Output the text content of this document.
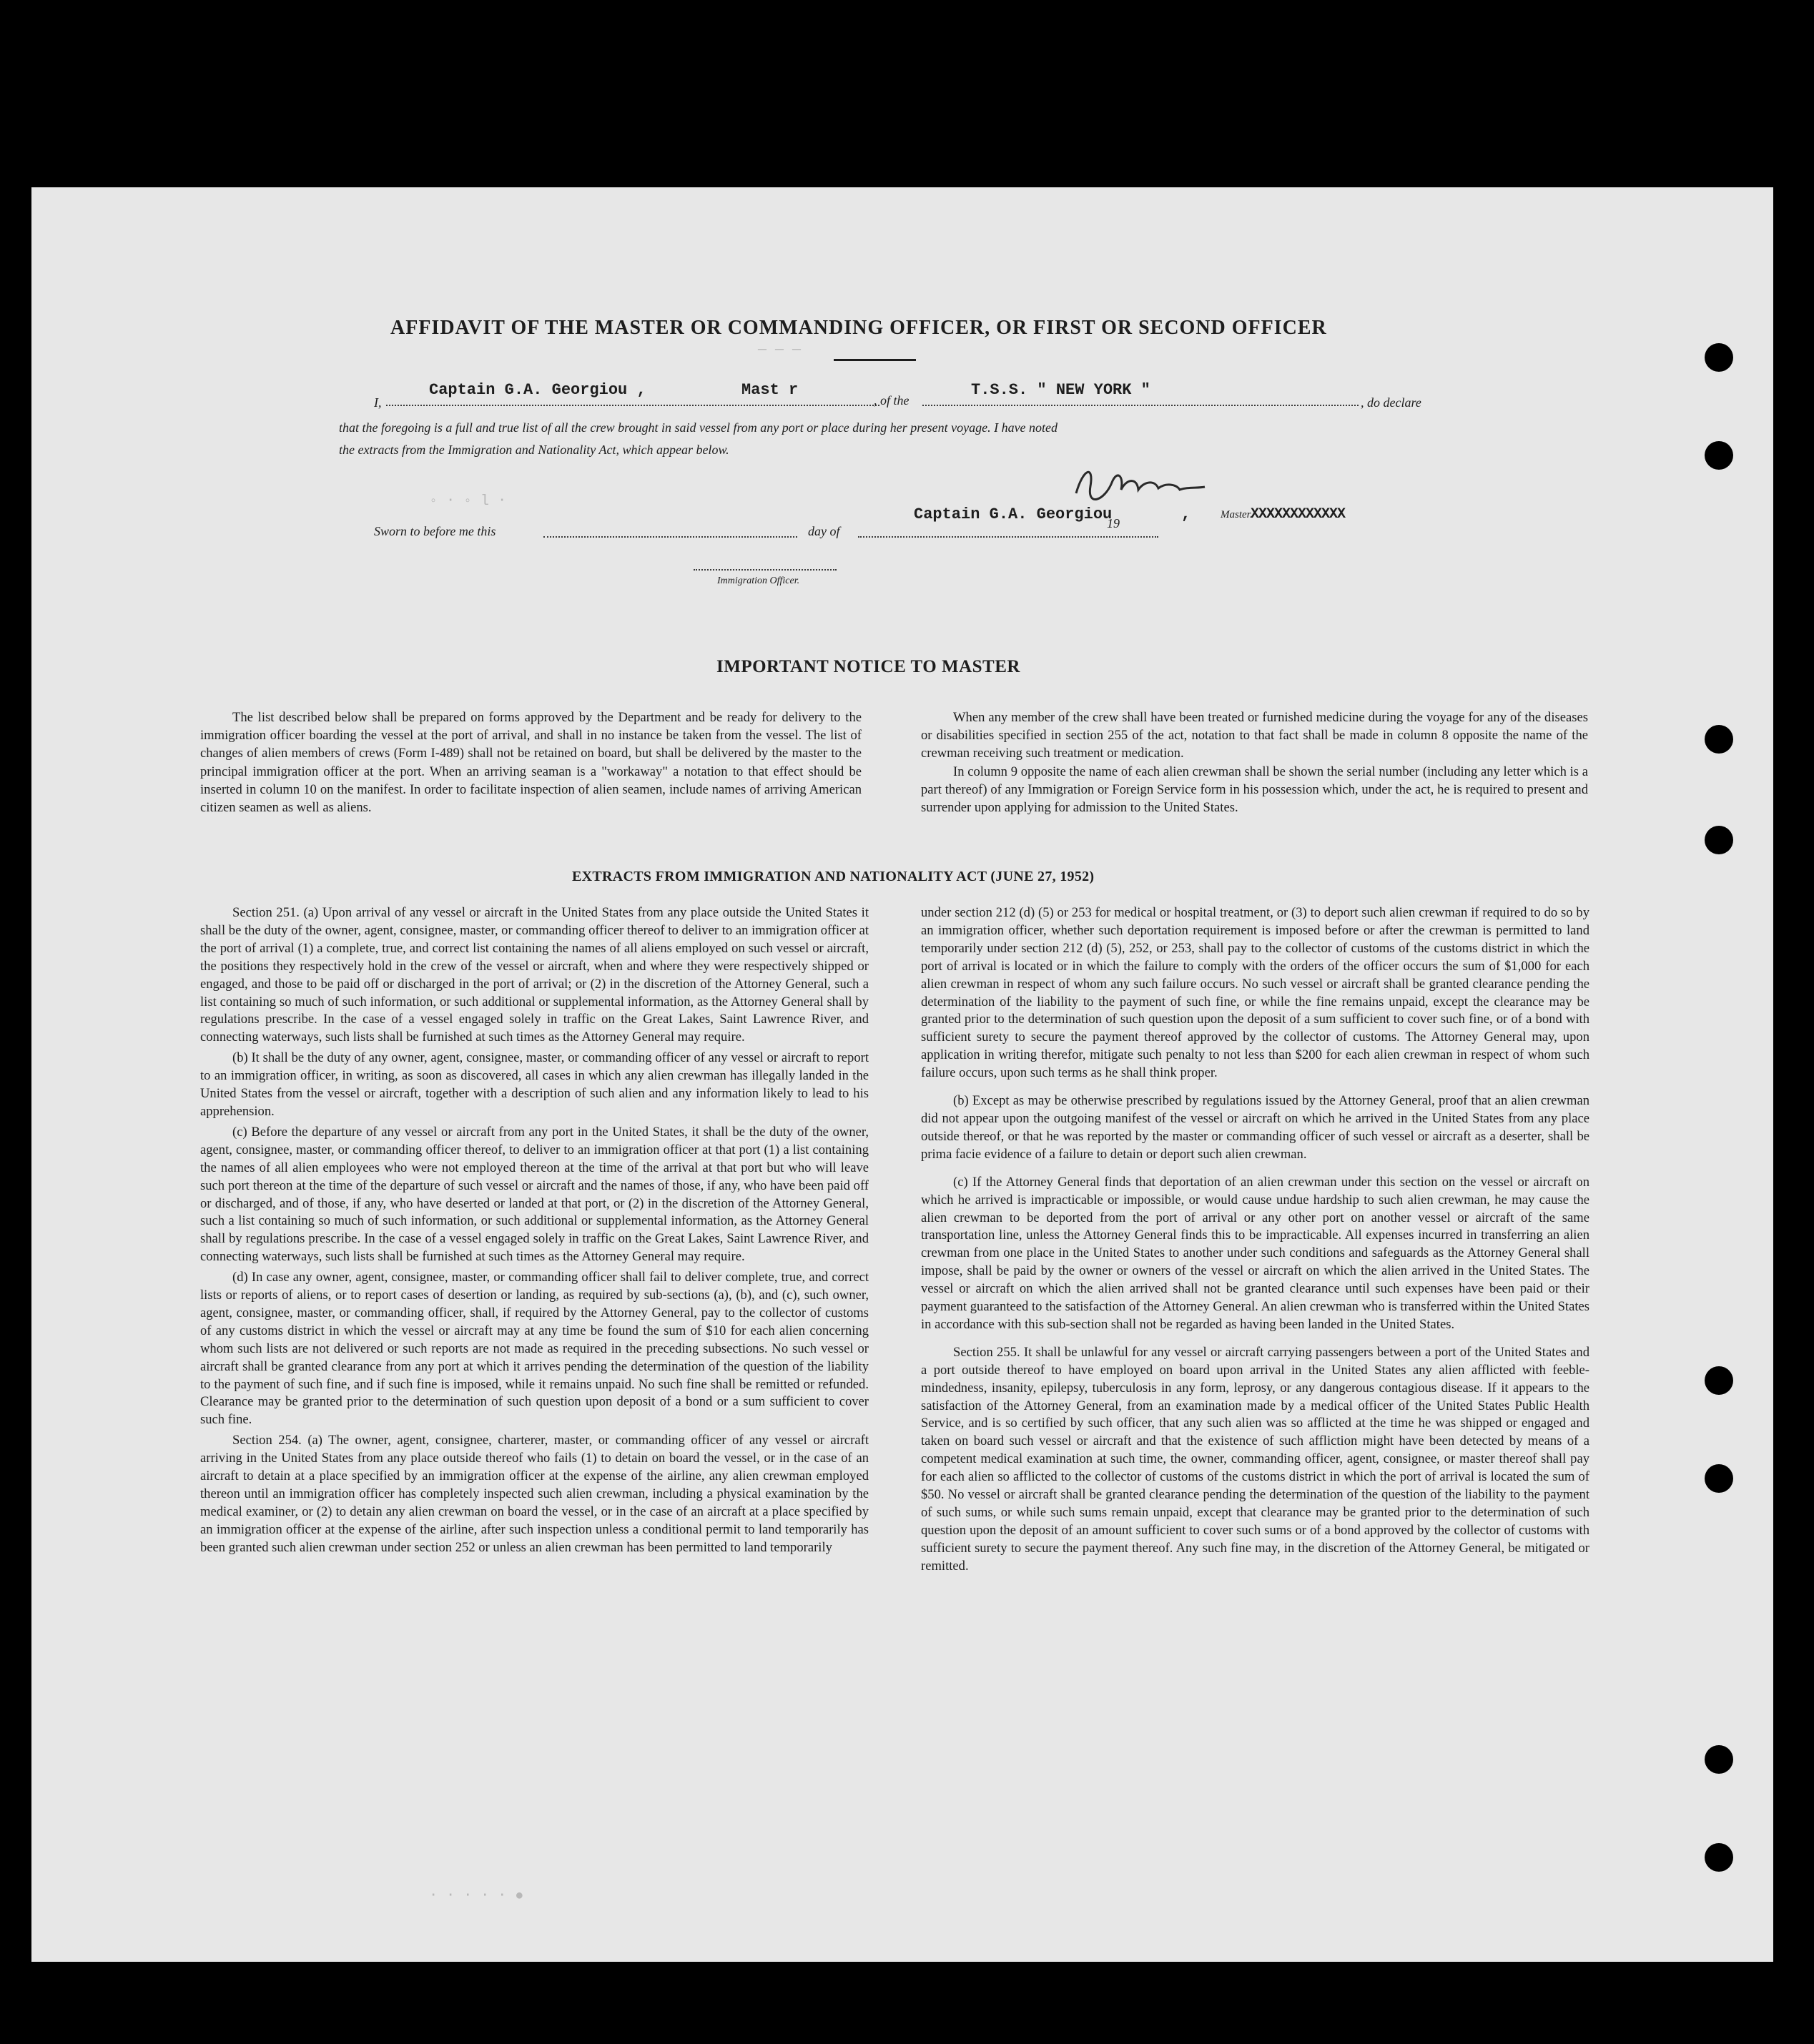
AFFIDAVIT OF THE MASTER OR COMMANDING OFFICER, OR FIRST OR SECOND OFFICER
I,
Captain G.A. Georgiou ,	Mast r
, of the
T.S.S. " NEW YORK "
, do declare
that the foregoing is a full and true list of all the crew brought in said vessel from any port or place during her present voyage. I have noted
the extracts from the Immigration and Nationality Act, which appear below.
◦ ⋅ ◦ l ⋅
— — —
Sworn to before me this	day of
19
Captain G.A. Georgiou	,	Master.
XXXXXXXXXXXX
Immigration Officer.
IMPORTANT NOTICE TO MASTER

The list described below shall be prepared on forms approved by the Department and be ready for delivery to the immigration officer boarding the vessel at the port of arrival, and shall in no instance be taken from the vessel. The list of changes of alien members of crews (Form I-489) shall not be retained on board, but shall be delivered by the master to the principal immigration officer at the port. When an arriving seaman is a "workaway" a notation to that effect should be inserted in column 10 on the manifest. In order to facilitate inspection of alien seamen, include names of arriving American citizen seamen as well as aliens.

When any member of the crew shall have been treated or furnished medicine during the voyage for any of the diseases or disabilities specified in section 255 of the act, notation to that fact shall be made in column 8 opposite the name of the crewman receiving such treatment or medication.

In column 9 opposite the name of each alien crewman shall be shown the serial number (including any letter which is a part thereof) of any Immigration or Foreign Service form in his possession which, under the act, he is required to present and surrender upon applying for admission to the United States.

EXTRACTS FROM IMMIGRATION AND NATIONALITY ACT (JUNE 27, 1952)

Section 251. (a) Upon arrival of any vessel or aircraft in the United States from any place outside the United States it shall be the duty of the owner, agent, consignee, master, or commanding officer thereof to deliver to an immigration officer at the port of arrival (1) a complete, true, and correct list containing the names of all aliens employed on such vessel or aircraft, the positions they respectively hold in the crew of the vessel or aircraft, when and where they were respectively shipped or engaged, and those to be paid off or discharged in the port of arrival; or (2) in the discretion of the Attorney General, such a list containing so much of such information, or such additional or supplemental information, as the Attorney General shall by regulations prescribe. In the case of a vessel engaged solely in traffic on the Great Lakes, Saint Lawrence River, and connecting waterways, such lists shall be furnished at such times as the Attorney General may require.

(b) It shall be the duty of any owner, agent, consignee, master, or commanding officer of any vessel or aircraft to report to an immigration officer, in writing, as soon as discovered, all cases in which any alien crewman has illegally landed in the United States from the vessel or aircraft, together with a description of such alien and any information likely to lead to his apprehension.

(c) Before the departure of any vessel or aircraft from any port in the United States, it shall be the duty of the owner, agent, consignee, master, or commanding officer thereof, to deliver to an immigration officer at that port (1) a list containing the names of all alien employees who were not employed thereon at the time of the arrival at that port but who will leave such port thereon at the time of the departure of such vessel or aircraft and the names of those, if any, who have been paid off or discharged, and of those, if any, who have deserted or landed at that port, or (2) in the discretion of the Attorney General, such a list containing so much of such information, or such additional or supplemental information, as the Attorney General shall by regulations prescribe. In the case of a vessel engaged solely in traffic on the Great Lakes, Saint Lawrence River, and connecting waterways, such lists shall be furnished at such times as the Attorney General may require.

(d) In case any owner, agent, consignee, master, or commanding officer shall fail to deliver complete, true, and correct lists or reports of aliens, or to report cases of desertion or landing, as required by sub-sections (a), (b), and (c), such owner, agent, consignee, master, or commanding officer, shall, if required by the Attorney General, pay to the collector of customs of any customs district in which the vessel or aircraft may at any time be found the sum of $10 for each alien concerning whom such lists are not delivered or such reports are not made as required in the preceding subsections. No such vessel or aircraft shall be granted clearance from any port at which it arrives pending the determination of the question of the liability to the payment of such fine, and if such fine is imposed, while it remains unpaid. No such fine shall be remitted or refunded. Clearance may be granted prior to the determination of such question upon deposit of a bond or a sum sufficient to cover such fine.

Section 254. (a) The owner, agent, consignee, charterer, master, or commanding officer of any vessel or aircraft arriving in the United States from any place outside thereof who fails (1) to detain on board the vessel, or in the case of an aircraft to detain at a place specified by an immigration officer at the expense of the airline, any alien crewman employed thereon until an immigration officer has completely inspected such alien crewman, including a physical examination by the medical examiner, or (2) to detain any alien crewman on board the vessel, or in the case of an aircraft at a place specified by an immigration officer at the expense of the airline, after such inspection unless a conditional permit to land temporarily has been granted such alien crewman under section 252 or unless an alien crewman has been permitted to land temporarily

under section 212 (d) (5) or 253 for medical or hospital treatment, or (3) to deport such alien crewman if required to do so by an immigration officer, whether such deportation requirement is imposed before or after the crewman is permitted to land temporarily under section 212 (d) (5), 252, or 253, shall pay to the collector of customs of the customs district in which the port of arrival is located or in which the failure to comply with the orders of the officer occurs the sum of $1,000 for each alien crewman in respect of whom any such failure occurs. No such vessel or aircraft shall be granted clearance pending the determination of the liability to the payment of such fine, or while the fine remains unpaid, except the clearance may be granted prior to the determination of such question upon the deposit of a sum sufficient to cover such fine, or of a bond with sufficient surety to secure the payment thereof approved by the collector of customs. The Attorney General may, upon application in writing therefor, mitigate such penalty to not less than $200 for each alien crewman in respect of whom such failure occurs, upon such terms as he shall think proper.

(b) Except as may be otherwise prescribed by regulations issued by the Attorney General, proof that an alien crewman did not appear upon the outgoing manifest of the vessel or aircraft on which he arrived in the United States from any place outside thereof, or that he was reported by the master or commanding officer of such vessel or aircraft as a deserter, shall be prima facie evidence of a failure to detain or deport such alien crewman.

(c) If the Attorney General finds that deportation of an alien crewman under this section on the vessel or aircraft on which he arrived is impracticable or impossible, or would cause undue hardship to such alien crewman, he may cause the alien crewman to be deported from the port of arrival or any other port on another vessel or aircraft of the same transportation line, unless the Attorney General finds this to be impracticable. All expenses incurred in transferring an alien crewman from one place in the United States to another under such conditions and safeguards as the Attorney General shall impose, shall be paid by the owner or owners of the vessel or aircraft on which the alien arrived in the United States. The vessel or aircraft on which the alien arrived shall not be granted clearance until such expenses have been paid or their payment guaranteed to the satisfaction of the Attorney General. An alien crewman who is transferred within the United States in accordance with this sub-section shall not be regarded as having been landed in the United States.

Section 255. It shall be unlawful for any vessel or aircraft carrying passengers between a port of the United States and a port outside thereof to have employed on board upon arrival in the United States any alien afflicted with feeble-mindedness, insanity, epilepsy, tuberculosis in any form, leprosy, or any dangerous contagious disease. If it appears to the satisfaction of the Attorney General, from an examination made by a medical officer of the United States Public Health Service, and is so certified by such officer, that any such alien was so afflicted at the time he was shipped or engaged and taken on board such vessel or aircraft and that the existence of such affliction might have been detected by means of a competent medical examination at such time, the owner, commanding officer, agent, consignee, or master thereof shall pay for each alien so afflicted to the collector of customs of the customs district in which the port of arrival is located the sum of $50. No vessel or aircraft shall be granted clearance pending the determination of the question of the liability to the payment of such sums, or while such sums remain unpaid, except that clearance may be granted prior to the determination of such question upon the deposit of an amount sufficient to cover such sums or of a bond approved by the collector of customs with sufficient surety to secure the payment thereof. Any such fine may, in the discretion of the Attorney General, be mitigated or remitted.

⋅ ⋅ ⋅ ⋅ ⋅ ●
